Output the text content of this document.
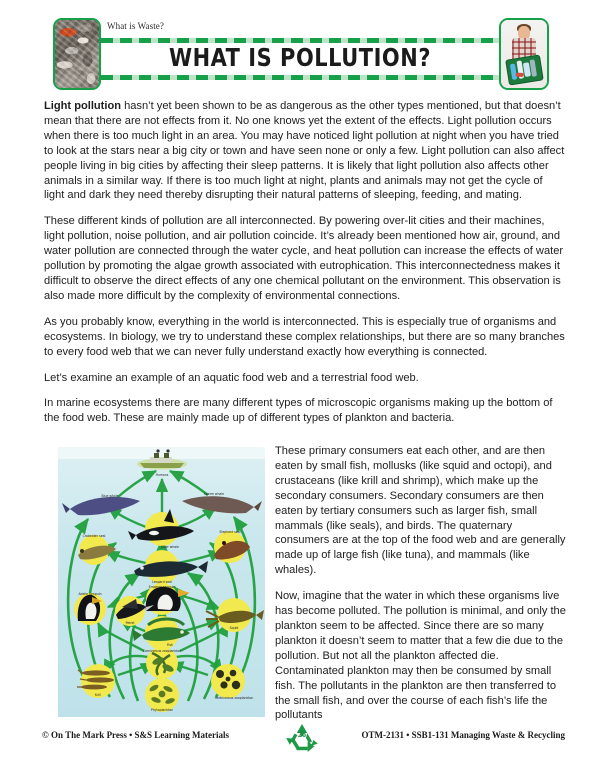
What is Waste?
WHAT IS POLLUTION?

Light pollution hasn’t yet been shown to be as dangerous as the other types mentioned, but that doesn’t mean that there are not effects from it. No one knows yet the extent of the effects. Light pollution occurs when there is too much light in an area. You may have noticed light pollution at night when you have tried to look at the stars near a big city or town and have seen none or only a few. Light pollution can also affect people living in big cities by affecting their sleep patterns. It is likely that light pollution also affects other animals in a similar way. If there is too much light at night, plants and animals may not get the cycle of light and dark they need thereby disrupting their natural patterns of sleeping, feeding, and mating.

These different kinds of pollution are all interconnected. By powering over-lit cities and their machines, light pollution, noise pollution, and air pollution coincide. It’s already been mentioned how air, ground, and water pollution are connected through the water cycle, and heat pollution can increase the effects of water pollution by promoting the algae growth associated with eutrophication. This interconnectedness makes it difficult to observe the direct effects of any one chemical pollutant on the environment. This observation is also made more difficult by the complexity of environmental connections.

As you probably know, everything in the world is interconnected. This is especially true of organisms and ecosystems. In biology, we try to understand these complex relationships, but there are so many branches to every food web that we can never fully understand exactly how everything is connected.

Let’s examine an example of an aquatic food web and a terrestrial food web.

In marine ecosystems there are many different types of microscopic organisms making up the bottom of the food web. These are mainly made up of different types of plankton and bacteria.

Humans
Blue whale	Sperm whale
Killer whale
Crabeater seal
Elephant seal
Leopard seal
Emperor penguin
Adelie penguin
Petrel
Squid
Fish
Carnivorous zooplankton
Krill
Herbivorous zooplankton
Phytoplankton

These primary consumers eat each other, and are then eaten by small fish, mollusks (like squid and octopi), and crustaceans (like krill and shrimp), which make up the secondary consumers. Secondary consumers are then eaten by tertiary consumers such as larger fish, small mammals (like seals), and birds. The quaternary consumers are at the top of the food web and are generally made up of large fish (like tuna), and mammals (like whales).

Now, imagine that the water in which these organisms live has become polluted. The pollution is minimal, and only the plankton seem to be affected. Since there are so many plankton it doesn’t seem to matter that a few die due to the pollution. But not all the plankton affected die. Contaminated plankton may then be consumed by small fish. The pollutants in the plankton are then transferred to the small fish, and over the course of each fish’s life the pollutants

© On The Mark Press • S&S Learning Materials	28	OTM-2131 • SSB1-131 Managing Waste & Recycling
